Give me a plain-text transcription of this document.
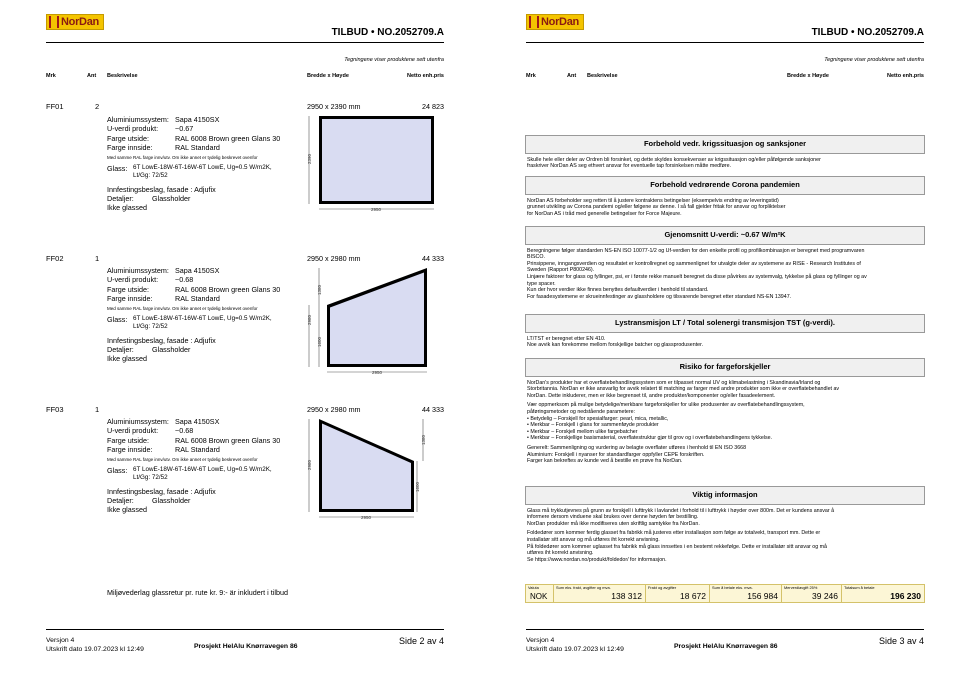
NorDan
TILBUD • NO.2052709.A
Tegningene viser produktene sett utenfra
Mrk	Ant Beskrivelse	Bredde x Høyde	Netto enh.pris
FF01	2
Aluminiumssystem: Sapa 4150SX
U-verdi produkt:	~0.67
Farge utside:	RAL 6008 Brown green Glans 30
Farge innside:	RAL Standard
Med samme RAL farge innv/utv. Om ikke annet er tydelig beskrevet ovenfor
Glass: 6T LowE-18W-6T-16W-6T LowE, Ug=0.5 W/m2K,
Lt/Gg: 72/52
Innfestingsbeslag, fasade : Adjufix
Detaljer:	Glassholder
Ikke glassed
2950 x 2390 mm	24 823
2950
2390
FF02	1
Aluminiumssystem: Sapa 4150SX
U-verdi produkt:	~0.68
Farge utside:	RAL 6008 Brown green Glans 30
Farge innside:	RAL Standard
Med samme RAL farge innv/utv. Om ikke annet er tydelig beskrevet ovenfor
Glass: 6T LowE-18W-6T-16W-6T LowE, Ug=0.5 W/m2K,
Lt/Gg: 72/52
Innfestingsbeslag, fasade : Adjufix
Detaljer:	Glassholder
Ikke glassed
2950 x 2980 mm	44 333
2950
2980
1380
1600
FF03	1
Aluminiumssystem: Sapa 4150SX
U-verdi produkt:	~0.68
Farge utside:	RAL 6008 Brown green Glans 30
Farge innside:	RAL Standard
Med samme RAL farge innv/utv. Om ikke annet er tydelig beskrevet ovenfor
Glass: 6T LowE-18W-6T-16W-6T LowE, Ug=0.5 W/m2K,
Lt/Gg: 72/52
Innfestingsbeslag, fasade : Adjufix
Detaljer:	Glassholder
Ikke glassed
2950 x 2980 mm	44 333
2950
2980
1380
1600
Miljøvederlag glassretur pr. rute kr. 9:- är inkludert i tilbud
Versjon 4
Utskrift dato 19.07.2023 kl 12:49	Prosjekt HelAlu Knørravegen 86
Side 2 av 4
NorDan
TILBUD • NO.2052709.A
Tegningene viser produktene sett utenfra
Mrk	Ant Beskrivelse	Bredde x Høyde	Netto enh.pris
Versjon 4
Utskrift dato 19.07.2023 kl 12:49	Prosjekt HelAlu Knørravegen 86
Side 3 av 4
Forbehold vedr. krigssituasjon og sanksjoner
Skulle hele eller deler av Ordren bli forsinket, og dette skyldes konsekvenser av krigssituasjon og/eller påfølgende sanksjoner
fraskriver NorDan AS seg ethvert ansvar for eventuelle tap forsinkelsen måtte medføre.
Forbehold vedrørende Corona pandemien
NorDan AS forbeholder seg retten til å justere kontraktens betingelser (eksempelvis endring av leveringstid)
grunnet utvikling av Corona pandemi og/eller følgene av denne. I så fall gjelder fritak for ansvar og forpliktelser
for NorDan AS i tråd med generelle betingelser for Force Majeure.
Gjenomsnitt U-verdi: ~0.67 W/m²K
Beregningene følger standarden NS-EN ISO 10077-1/2 og Uf-verdien for den enkelte profil og profilkombinasjon er beregnet med programvaren
BISCO.
Prinsippene, inngangsverdien og resultatet er kontrollregnet og sammenlignet for utvalgte deler av systemene av RISE - Research Institutes of
Sweden (Rapport P800246).
Linjære faktorer for glass og fyllinger, psi, er i første rekke manuelt beregnet da disse påvirkes av systemvalg, tykkelse på glass og fyllinger og av
type spacer.
Kun der hvor verdier ikke finnes benyttes defaultverdier i henhold til standard.
For fasadesystemene er skrueinnfestinger av glassholdere og tilsvarende beregnet etter standard NS-EN 13947.
Lystransmisjon LT / Total solenergi transmisjon TST (g-verdi).
LT/TST er beregnet etter EN 410.
Noe avvik kan forekomme mellom forskjellige batcher og glassprodusenter.
Risiko for fargeforskjeller
NorDan's produkter har et overflatebehandlingssystem som er tilpasset normal UV og klimabelastning i Skandinavia/Irland og
Storbritannia. NorDan er ikke ansvarlig for avvik relatert til matching av farger med andre produkter som ikke er overflatebehandlet av
NorDan. Dette inkluderer, men er ikke begrenset til, andre produkter/komponenter og/eller fasadeelement.
Vær oppmerksom på mulige betydelige/merkbare fargeforskjeller for ulike produsenter av overflatebehandlingssystem,
påføringsmetoder og nedstående parametere:
• Betydelig – Forskjell for spesialfarger: pearl, mica, metallic,
• Merkbar – Forskjell i glans for sammenføyde produkter
• Merkbar – Forskjell mellom ulike fargebatcher
• Merkbar – Forskjellige basismaterial, overflatestruktur gjør til grov og i overflatebehandlingens tykkelse.
Generelt: Sammenligning og vurdering av belagte overflater utføres i henhold til EN ISO 3668
Aluminium: Forskjell i nyanser for standardfarger oppfyller CEPE forskriften.
Farger kan bekreftes av kunde ved å bestille en prøve fra NorDan.
Viktig informasjon
Glass må trykkutjevnes på grunn av forskjell i lufttrykk i lavlandet i forhold til i lufttrykk i høyder over 800m. Det er kundens ansvar å
informere dersom vinduene skal brukes over denne høyden før bestilling.
NorDan produkter må ikke modifiseres uten skriftlig samtykke fra NorDan.
Foldedører som kommer ferdig glasset fra fabrikk må justeres etter installasjon som følge av totalvekt, transport mm. Dette er
installatør sitt ansvar og må utføres iht korrekt anvisning.
På foldedører som kommer uglasset fra fabrikk må glass innsettes i en bestemt rekkefølge. Dette er installatør sitt ansvar og må
utføres iht korrekt anvisning.
Se https://www.nordan.no/produkt/foldedor/ for informasjon.
Valuta
NOK
Sum eks. frakt, avgifter og mva.
138 312
Frakt og avgifter
18 672
Sum å betale eks. mva.
156 984
Merverdiavgift 25%
39 246
Totalsum å betale
196 230
